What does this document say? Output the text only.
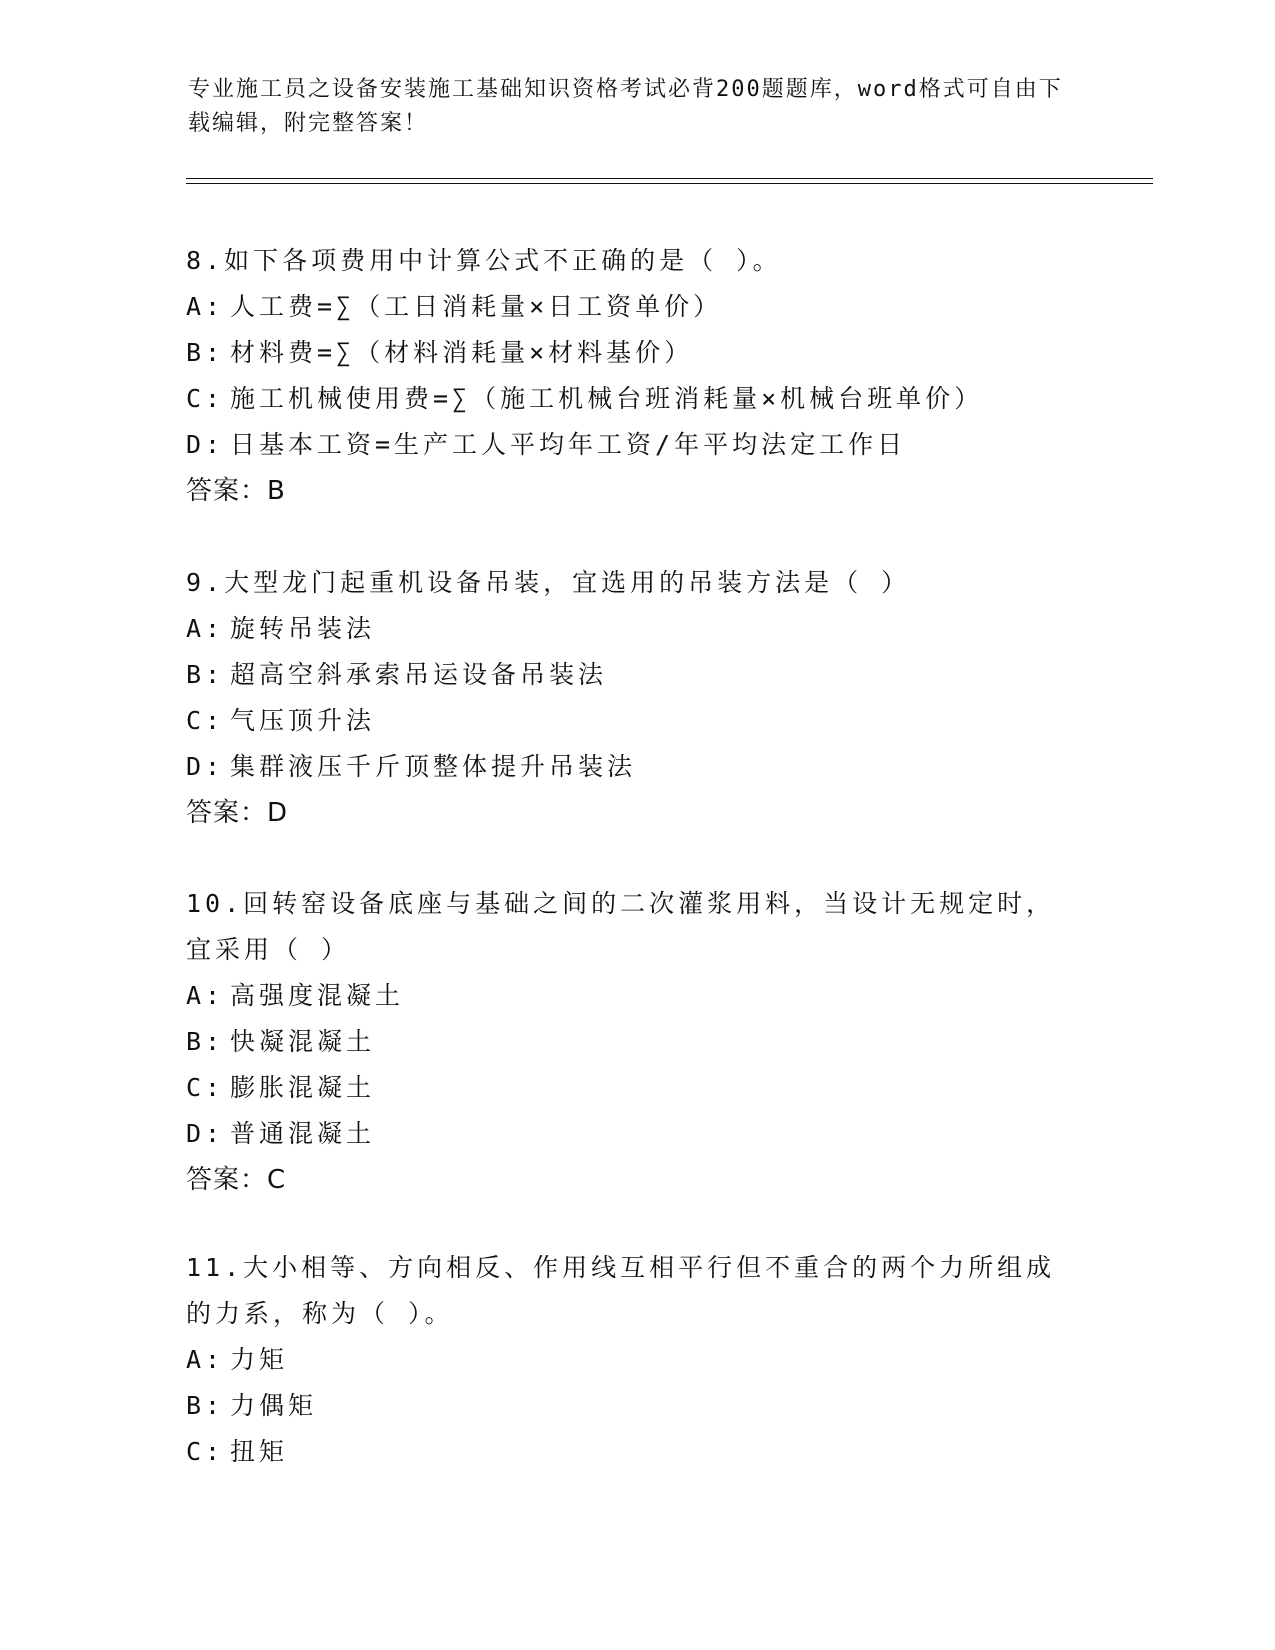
专业施工员之设备安装施工基础知识资格考试必背200题题库，word格式可自由下载编辑，附完整答案！
8.如下各项费用中计算公式不正确的是（ ）。
A: 人工费=∑（工日消耗量×日工资单价）
B: 材料费=∑（材料消耗量×材料基价）
C: 施工机械使用费=∑（施工机械台班消耗量×机械台班单价）
D: 日基本工资=生产工人平均年工资/年平均法定工作日
答案：B
9.大型龙门起重机设备吊装，宜选用的吊装方法是（ ）
A: 旋转吊装法
B: 超高空斜承索吊运设备吊装法
C: 气压顶升法
D: 集群液压千斤顶整体提升吊装法
答案：D
10.回转窑设备底座与基础之间的二次灌浆用料，当设计无规定时，宜采用（ ）
A: 高强度混凝土
B: 快凝混凝土
C: 膨胀混凝土
D: 普通混凝土
答案：C
11.大小相等、方向相反、作用线互相平行但不重合的两个力所组成的力系，称为（ ）。
A: 力矩
B: 力偶矩
C: 扭矩
